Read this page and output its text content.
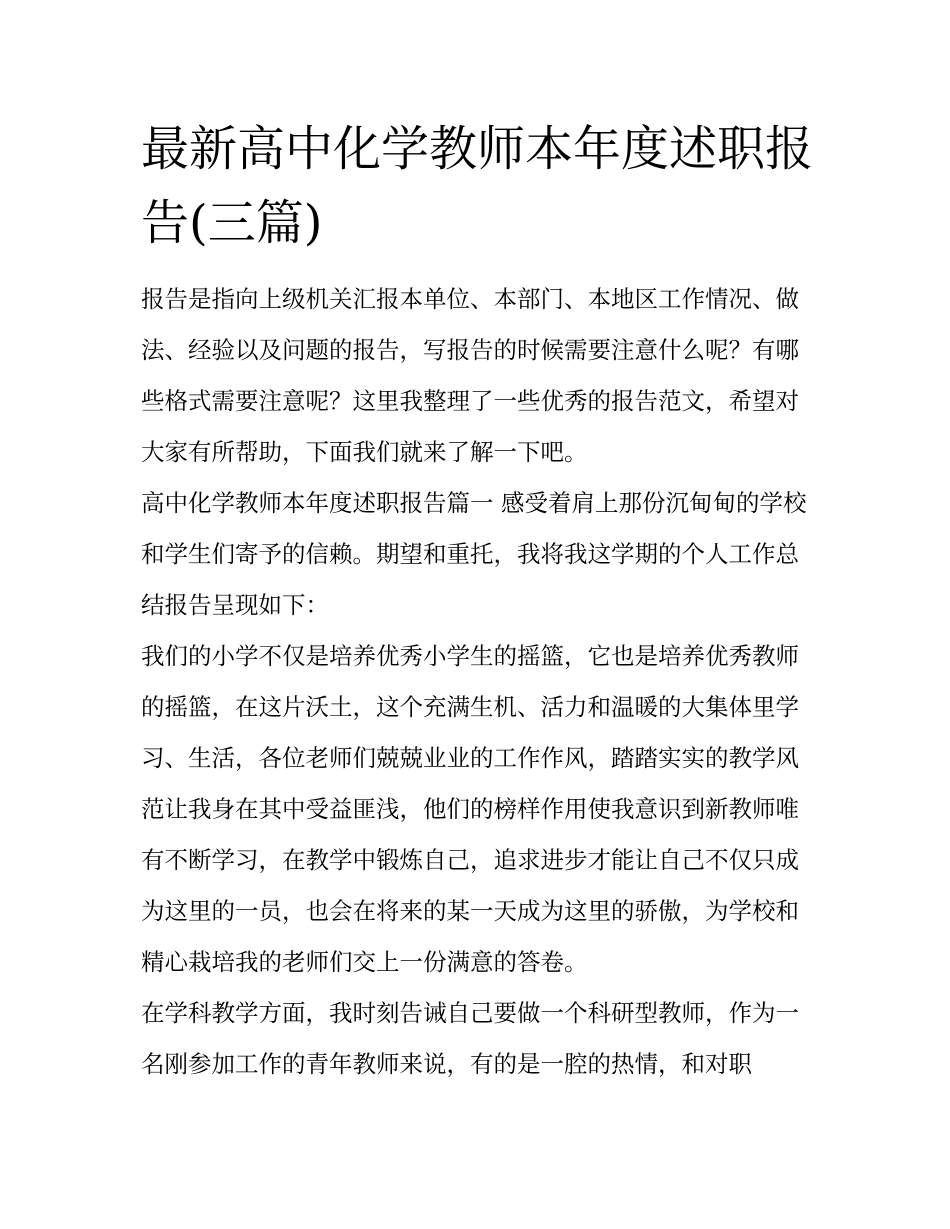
最新高中化学教师本年度述职报告(三篇)

报告是指向上级机关汇报本单位、本部门、本地区工作情况、做法、经验以及问题的报告，写报告的时候需要注意什么呢？有哪些格式需要注意呢？这里我整理了一些优秀的报告范文，希望对大家有所帮助，下面我们就来了解一下吧。

高中化学教师本年度述职报告篇一 感受着肩上那份沉甸甸的学校和学生们寄予的信赖。期望和重托，我将我这学期的个人工作总结报告呈现如下：

我们的小学不仅是培养优秀小学生的摇篮，它也是培养优秀教师的摇篮，在这片沃土，这个充满生机、活力和温暖的大集体里学习、生活，各位老师们兢兢业业的工作作风，踏踏实实的教学风范让我身在其中受益匪浅，他们的榜样作用使我意识到新教师唯有不断学习，在教学中锻炼自己，追求进步才能让自己不仅只成为这里的一员，也会在将来的某一天成为这里的骄傲，为学校和精心栽培我的老师们交上一份满意的答卷。

在学科教学方面，我时刻告诫自己要做一个科研型教师，作为一名刚参加工作的青年教师来说，有的是一腔的热情，和对职
